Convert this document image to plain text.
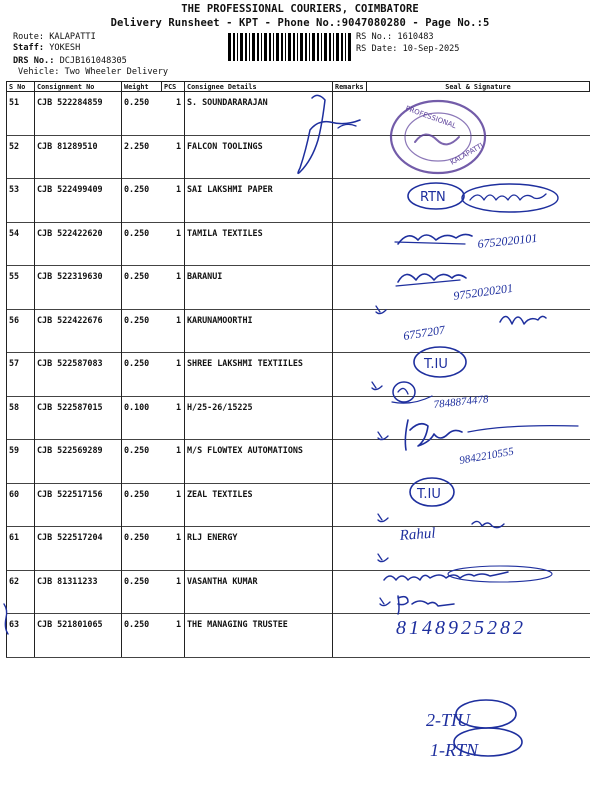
THE PROFESSIONAL COURIERS, COIMBATORE
Delivery Runsheet - KPT - Phone No.:9047080280 - Page No.:5
Route: KALAPATTI
Staff: YOKESH
DRS No.: DCJB161048305
Vehicle: Two Wheeler Delivery
RS No.: 1610483
RS Date: 10-Sep-2025
S No	Consignment No	Weight	PCS	Consignee Details	Remarks	Seal & Signature
51	CJB 522284859	0.250	1	S. SOUNDARARAJAN		
52	CJB 81289510	2.250	1	FALCON TOOLINGS		
53	CJB 522499409	0.250	1	SAI LAKSHMI PAPER		
54	CJB 522422620	0.250	1	TAMILA TEXTILES		
55	CJB 522319630	0.250	1	BARANUI		
56	CJB 522422676	0.250	1	KARUNAMOORTHI		
57	CJB 522587083	0.250	1	SHREE LAKSHMI TEXTIILES		
58	CJB 522587015	0.100	1	H/25-26/15225		
59	CJB 522569289	0.250	1	M/S FLOWTEX AUTOMATIONS		
60	CJB 522517156	0.250	1	ZEAL TEXTILES		
61	CJB 522517204	0.250	1	RLJ ENERGY		
62	CJB 81311233	0.250	1	VASANTHA KUMAR		
63	CJB 521801065	0.250	1	THE MANAGING TRUSTEE		
PROFESSIONAL
KALAPATTI
RTN
6752020101
9752020201
6757207
T.IU
7848874478
9842210555
T.IU
Rahul
8148925282
2-TIU
1-RTN
